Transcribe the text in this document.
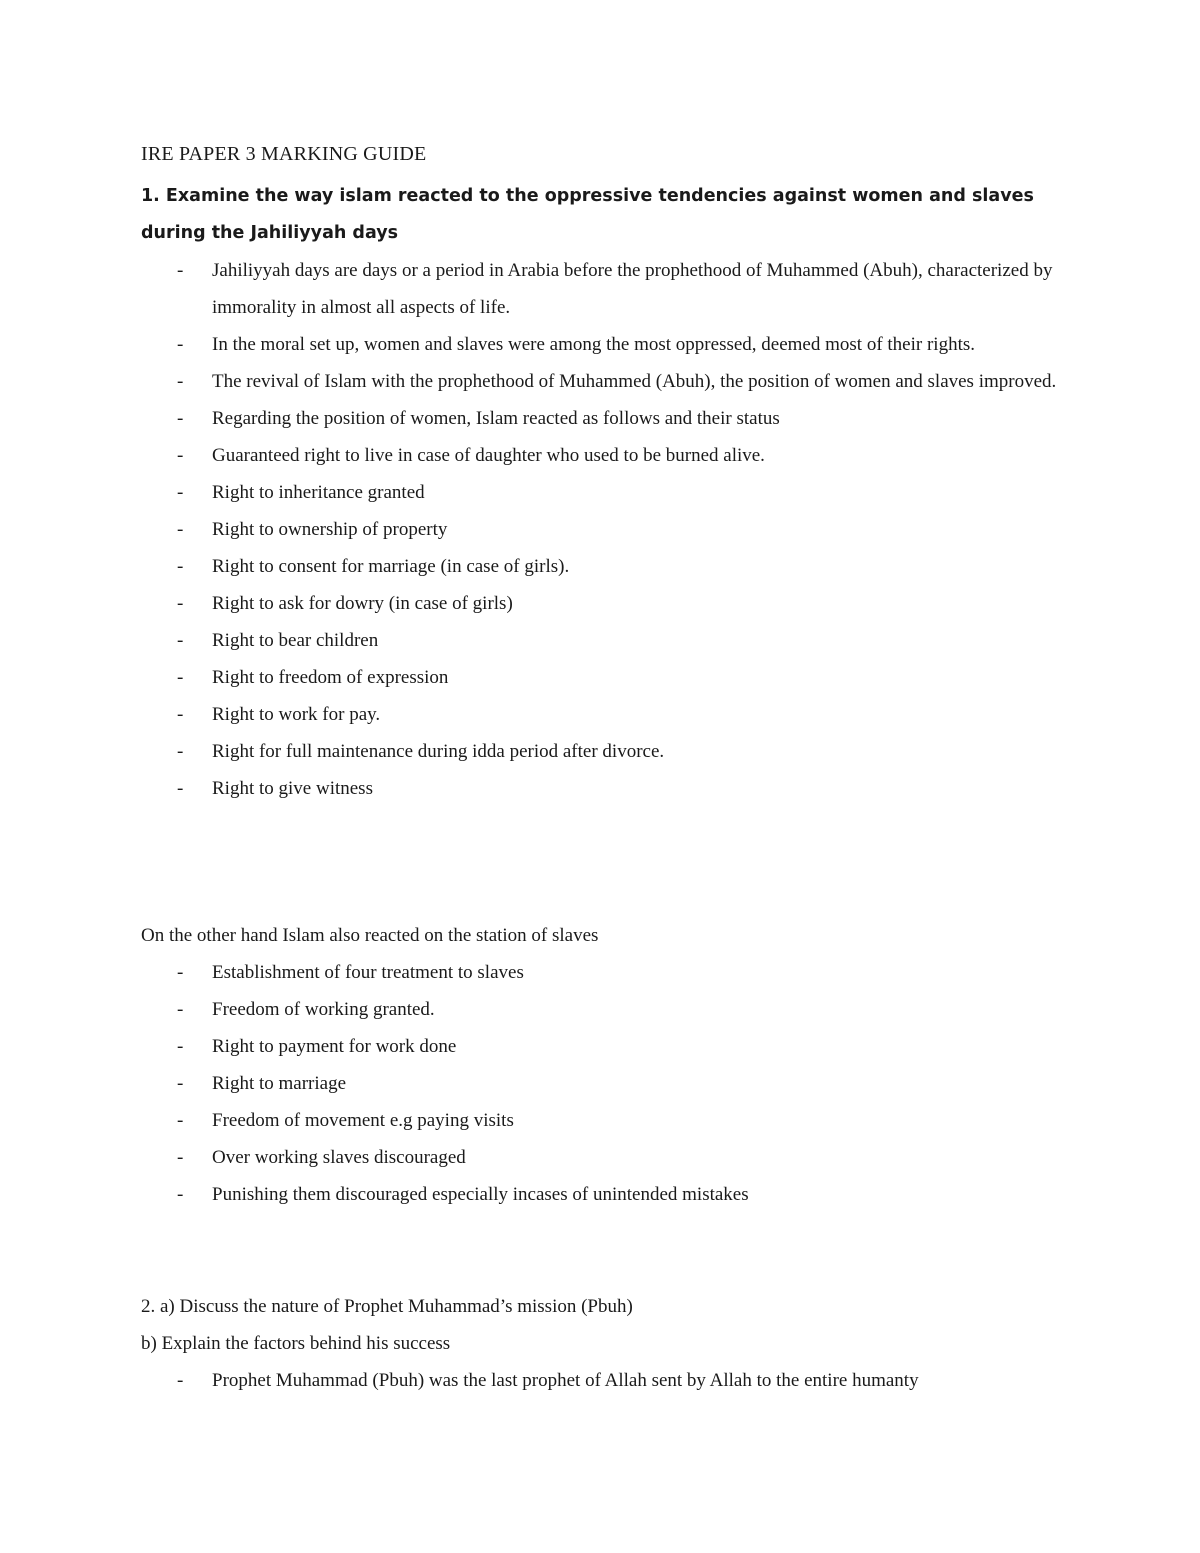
IRE PAPER 3 MARKING GUIDE

1. Examine the way islam reacted to the oppressive tendencies against women and slaves during the Jahiliyyah days

- Jahiliyyah days are days or a period in Arabia before the prophethood of Muhammed (Abuh), characterized by immorality in almost all aspects of life.
- In the moral set up, women and slaves were among the most oppressed, deemed most of their rights.
- The revival of Islam with the prophethood of Muhammed (Abuh), the position of women and slaves improved.
- Regarding the position of women, Islam reacted as follows and their status
- Guaranteed right to live in case of daughter who used to be burned alive.
- Right to inheritance granted
- Right to ownership of property
- Right to consent for marriage (in case of girls).
- Right to ask for dowry (in case of girls)
- Right to bear children
- Right to freedom of expression
- Right to work for pay.
- Right for full maintenance during idda period after divorce.
- Right to give witness

On the other hand Islam also reacted on the station of slaves

- Establishment of four treatment to slaves
- Freedom of working granted.
- Right to payment for work done
- Right to marriage
- Freedom of movement e.g paying visits
- Over working slaves discouraged
- Punishing them discouraged especially incases of unintended mistakes

2. a) Discuss the nature of Prophet Muhammad’s mission (Pbuh)

b) Explain the factors behind his success

- Prophet Muhammad (Pbuh) was the last prophet of Allah sent by Allah to the entire humanty
